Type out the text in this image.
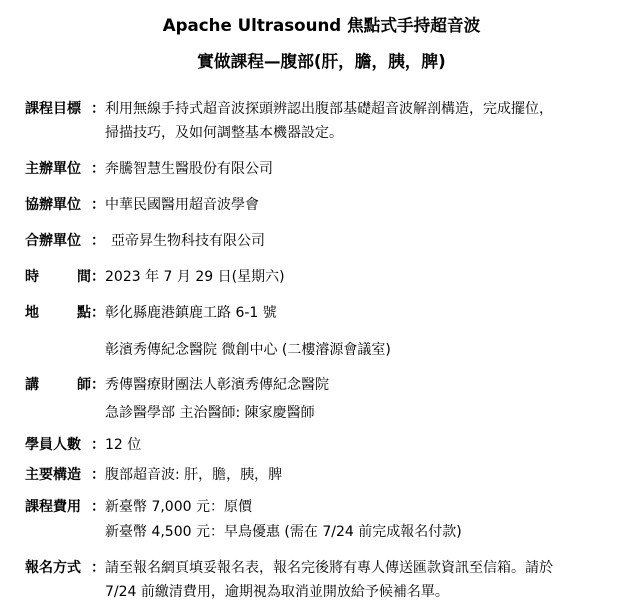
Apache Ultrasound 焦點式手持超音波
實做課程—腹部(肝，膽，胰，脾)
課程目標 ： 利用無線手持式超音波探頭辨認出腹部基礎超音波解剖構造，完成擺位，
掃描技巧，及如何調整基本機器設定。
主辦單位 ： 奔騰智慧生醫股份有限公司
協辦單位 ： 中華民國醫用超音波學會
合辦單位 ： 亞帝昇生物科技有限公司
時	間 ： 2023 年 7 月 29 日(星期六)
地	點 ： 彰化縣鹿港鎮鹿工路 6-1 號
彰濱秀傳紀念醫院 微創中心 (二樓濬源會議室)
講	師 ： 秀傳醫療財團法人彰濱秀傳紀念醫院
急診醫學部 主治醫師: 陳家慶醫師
學員人數 ： 12 位
主要構造 ： 腹部超音波: 肝，膽，胰，脾
課程費用 ： 新臺幣 7,000 元：原價
新臺幣 4,500 元：早鳥優惠 (需在 7/24 前完成報名付款)
報名方式 ： 請至報名網頁填妥報名表，報名完後將有專人傳送匯款資訊至信箱。請於
7/24 前繳清費用，逾期視為取消並開放給予候補名單。
